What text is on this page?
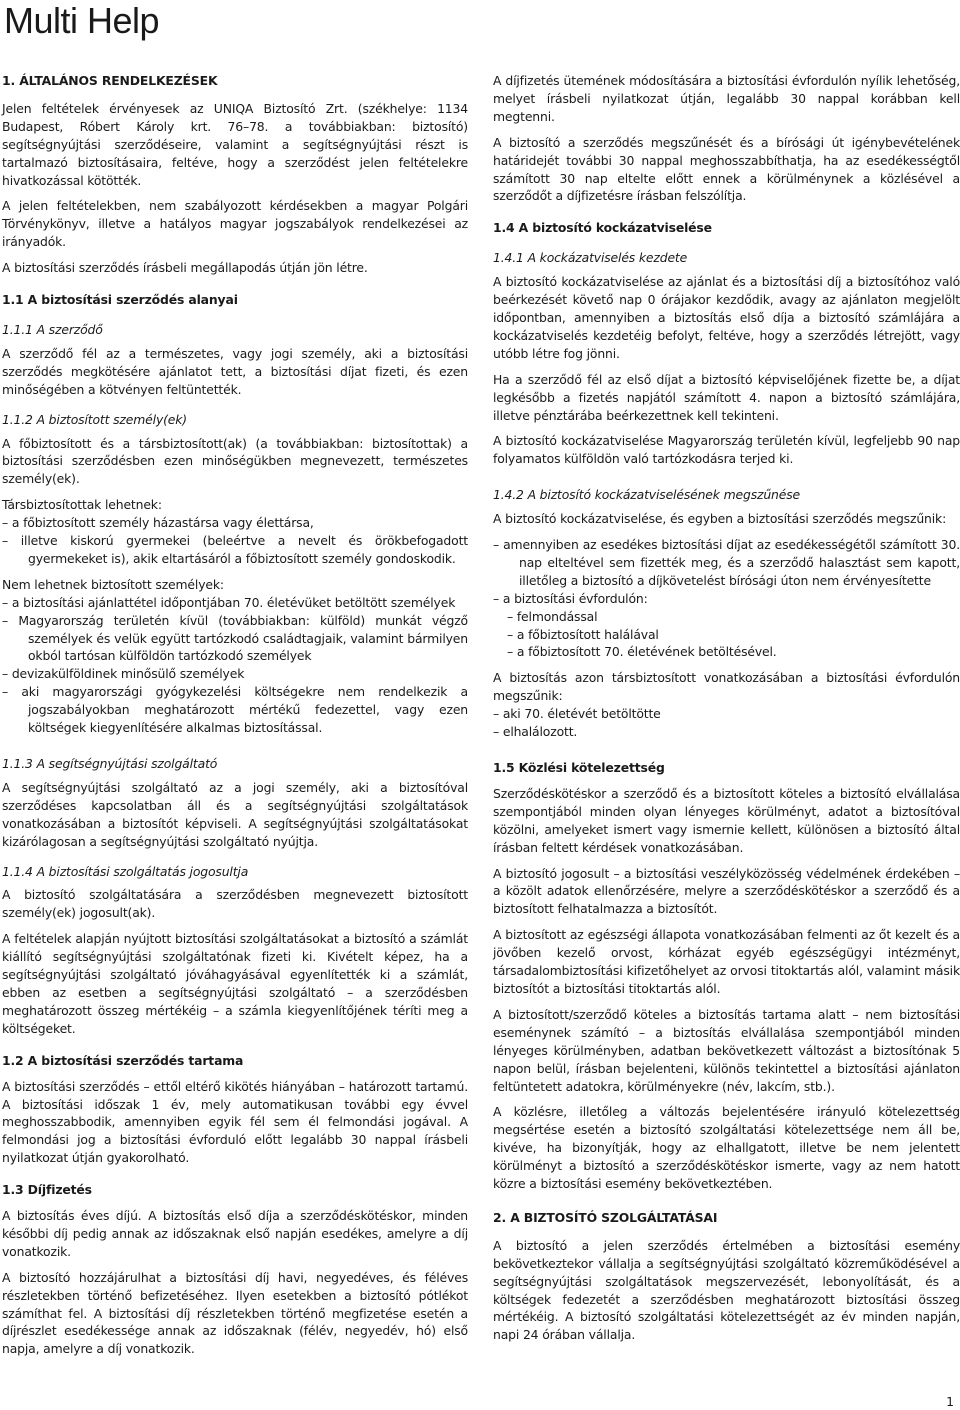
Multi Help
1. ÁLTALÁNOS RENDELKEZÉSEK

Jelen feltételek érvényesek az UNIQA Biztosító Zrt. (székhelye: 1134 Budapest, Róbert Károly krt. 76–78. a továbbiakban: biztosító) segítségnyújtási szerződéseire, valamint a segítségnyújtási részt is tartalmazó biztosításaira, feltéve, hogy a szerződést jelen feltételekre hivatkozással kötötték.

A jelen feltételekben, nem szabályozott kérdésekben a magyar Polgári Törvénykönyv, illetve a hatályos magyar jogszabályok rendelkezései az irányadók.

A biztosítási szerződés írásbeli megállapodás útján jön létre.

1.1 A biztosítási szerződés alanyai
1.1.1 A szerződő

A szerződő fél az a természetes, vagy jogi személy, aki a biztosítási szerződés megkötésére ajánlatot tett, a biztosítási díjat fizeti, és ezen minőségében a kötvényen feltüntették.

1.1.2 A biztosított személy(ek)

A főbiztosított és a társbiztosított(ak) (a továbbiakban: biztosítottak) a biztosítási szerződésben ezen minőségükben megnevezett, természetes személy(ek).

Társbiztosítottak lehetnek:

– a főbiztosított személy házastársa vagy élettársa,
– illetve kiskorú gyermekei (beleértve a nevelt és örökbefogadott gyermekeket is), akik eltartásáról a főbiztosított személy gondoskodik.

Nem lehetnek biztosított személyek:

– a biztosítási ajánlattétel időpontjában 70. életévüket betöltött személyek
– Magyarország területén kívül (továbbiakban: külföld) munkát végző személyek és velük együtt tartózkodó családtagjaik, valamint bármilyen okból tartósan külföldön tartózkodó személyek
– devizakülföldinek minősülő személyek
– aki magyarországi gyógykezelési költségekre nem rendelkezik a jogszabályokban meghatározott mértékű fedezettel, vagy ezen költségek kiegyenlítésére alkalmas biztosítással.
1.1.3 A segítségnyújtási szolgáltató

A segítségnyújtási szolgáltató az a jogi személy, aki a biztosítóval szerződéses kapcsolatban áll és a segítségnyújtási szolgáltatások vonatkozásában a biztosítót képviseli. A segítségnyújtási szolgáltatásokat kizárólagosan a segítségnyújtási szolgáltató nyújtja.

1.1.4 A biztosítási szolgáltatás jogosultja

A biztosító szolgáltatására a szerződésben megnevezett biztosított személy(ek) jogosult(ak).

A feltételek alapján nyújtott biztosítási szolgáltatásokat a biztosító a számlát kiállító segítségnyújtási szolgáltatónak fizeti ki. Kivételt képez, ha a segítségnyújtási szolgáltató jóváhagyásával egyenlítették ki a számlát, ebben az esetben a segítségnyújtási szolgáltató – a szerződésben meghatározott összeg mértékéig – a számla kiegyenlítőjének téríti meg a költségeket.

1.2 A biztosítási szerződés tartama

A biztosítási szerződés – ettől eltérő kikötés hiányában – határozott tartamú. A biztosítási időszak 1 év, mely automatikusan további egy évvel meghosszabbodik, amennyiben egyik fél sem él felmondási jogával. A felmondási jog a biztosítási évforduló előtt legalább 30 nappal írásbeli nyilatkozat útján gyakorolható.

1.3 Díjfizetés

A biztosítás éves díjú. A biztosítás első díja a szerződéskötéskor, minden későbbi díj pedig annak az időszaknak első napján esedékes, amelyre a díj vonatkozik.

A biztosító hozzájárulhat a biztosítási díj havi, negyedéves, és féléves részletekben történő befizetéséhez. Ilyen esetekben a biztosító pótlékot számíthat fel. A biztosítási díj részletekben történő megfizetése esetén a díjrészlet esedékessége annak az időszaknak (félév, negyedév, hó) első napja, amelyre a díj vonatkozik.

A díjfizetés ütemének módosítására a biztosítási évfordulón nyílik lehetőség, melyet írásbeli nyilatkozat útján, legalább 30 nappal korábban kell megtenni.

A biztosító a szerződés megszűnését és a bírósági út igénybevételének határidejét további 30 nappal meghosszabbíthatja, ha az esedékességtől számított 30 nap eltelte előtt ennek a körülménynek a közlésével a szerződőt a díjfizetésre írásban felszólítja.

1.4 A biztosító kockázatviselése
1.4.1 A kockázatviselés kezdete

A biztosító kockázatviselése az ajánlat és a biztosítási díj a biztosítóhoz való beérkezését követő nap 0 órájakor kezdődik, avagy az ajánlaton megjelölt időpontban, amennyiben a biztosítás első díja a biztosító számlájára a kockázatviselés kezdetéig befolyt, feltéve, hogy a szerződés létrejött, vagy utóbb létre fog jönni.

Ha a szerződő fél az első díjat a biztosító képviselőjének fizette be, a díjat legkésőbb a fizetés napjától számított 4. napon a biztosító számlájára, illetve pénztárába beérkezettnek kell tekinteni.

A biztosító kockázatviselése Magyarország területén kívül, legfeljebb 90 nap folyamatos külföldön való tartózkodásra terjed ki.

1.4.2 A biztosító kockázatviselésének megszűnése

A biztosító kockázatviselése, és egyben a biztosítási szerződés megszűnik:

– amennyiben az esedékes biztosítási díjat az esedékességétől számított 30. nap elteltével sem fizették meg, és a szerződő halasztást sem kapott, illetőleg a biztosító a díjkövetelést bírósági úton nem érvényesítette
– a biztosítási évfordulón:
– felmondással
– a főbiztosított halálával
– a főbiztosított 70. életévének betöltésével.

A biztosítás azon társbiztosított vonatkozásában a biztosítási évfordulón megszűnik:

– aki 70. életévét betöltötte
– elhalálozott.
1.5 Közlési kötelezettség

Szerződéskötéskor a szerződő és a biztosított köteles a biztosító elvállalása szempontjából minden olyan lényeges körülményt, adatot a biztosítóval közölni, amelyeket ismert vagy ismernie kellett, különösen a biztosító által írásban feltett kérdések vonatkozásában.

A biztosító jogosult – a biztosítási veszélyközösség védelmének érdekében – a közölt adatok ellenőrzésére, melyre a szerződéskötéskor a szerződő és a biztosított felhatalmazza a biztosítót.

A biztosított az egészségi állapota vonatkozásában felmenti az őt kezelt és a jövőben kezelő orvost, kórházat egyéb egészségügyi intézményt, társadalombiztosítási kifizetőhelyet az orvosi titoktartás alól, valamint másik biztosítót a biztosítási titoktartás alól.

A biztosított/szerződő köteles a biztosítás tartama alatt – nem biztosítási eseménynek számító – a biztosítás elvállalása szempontjából minden lényeges körülményben, adatban bekövetkezett változást a biztosítónak 5 napon belül, írásban bejelenteni, különös tekintettel a biztosítási ajánlaton feltüntetett adatokra, körülményekre (név, lakcím, stb.).

A közlésre, illetőleg a változás bejelentésére irányuló kötelezettség megsértése esetén a biztosító szolgáltatási kötelezettsége nem áll be, kivéve, ha bizonyítják, hogy az elhallgatott, illetve be nem jelentett körülményt a biztosító a szerződéskötéskor ismerte, vagy az nem hatott közre a biztosítási esemény bekövetkeztében.

2. A BIZTOSÍTÓ SZOLGÁLTATÁSAI

A biztosító a jelen szerződés értelmében a biztosítási esemény bekövetkeztekor vállalja a segítségnyújtási szolgáltató közreműködésével a segítségnyújtási szolgáltatások megszervezését, lebonyolítását, és a költségek fedezetét a szerződésben meghatározott biztosítási összeg mértékéig. A biztosító szolgáltatási kötelezettségét az év minden napján, napi 24 órában vállalja.

1
